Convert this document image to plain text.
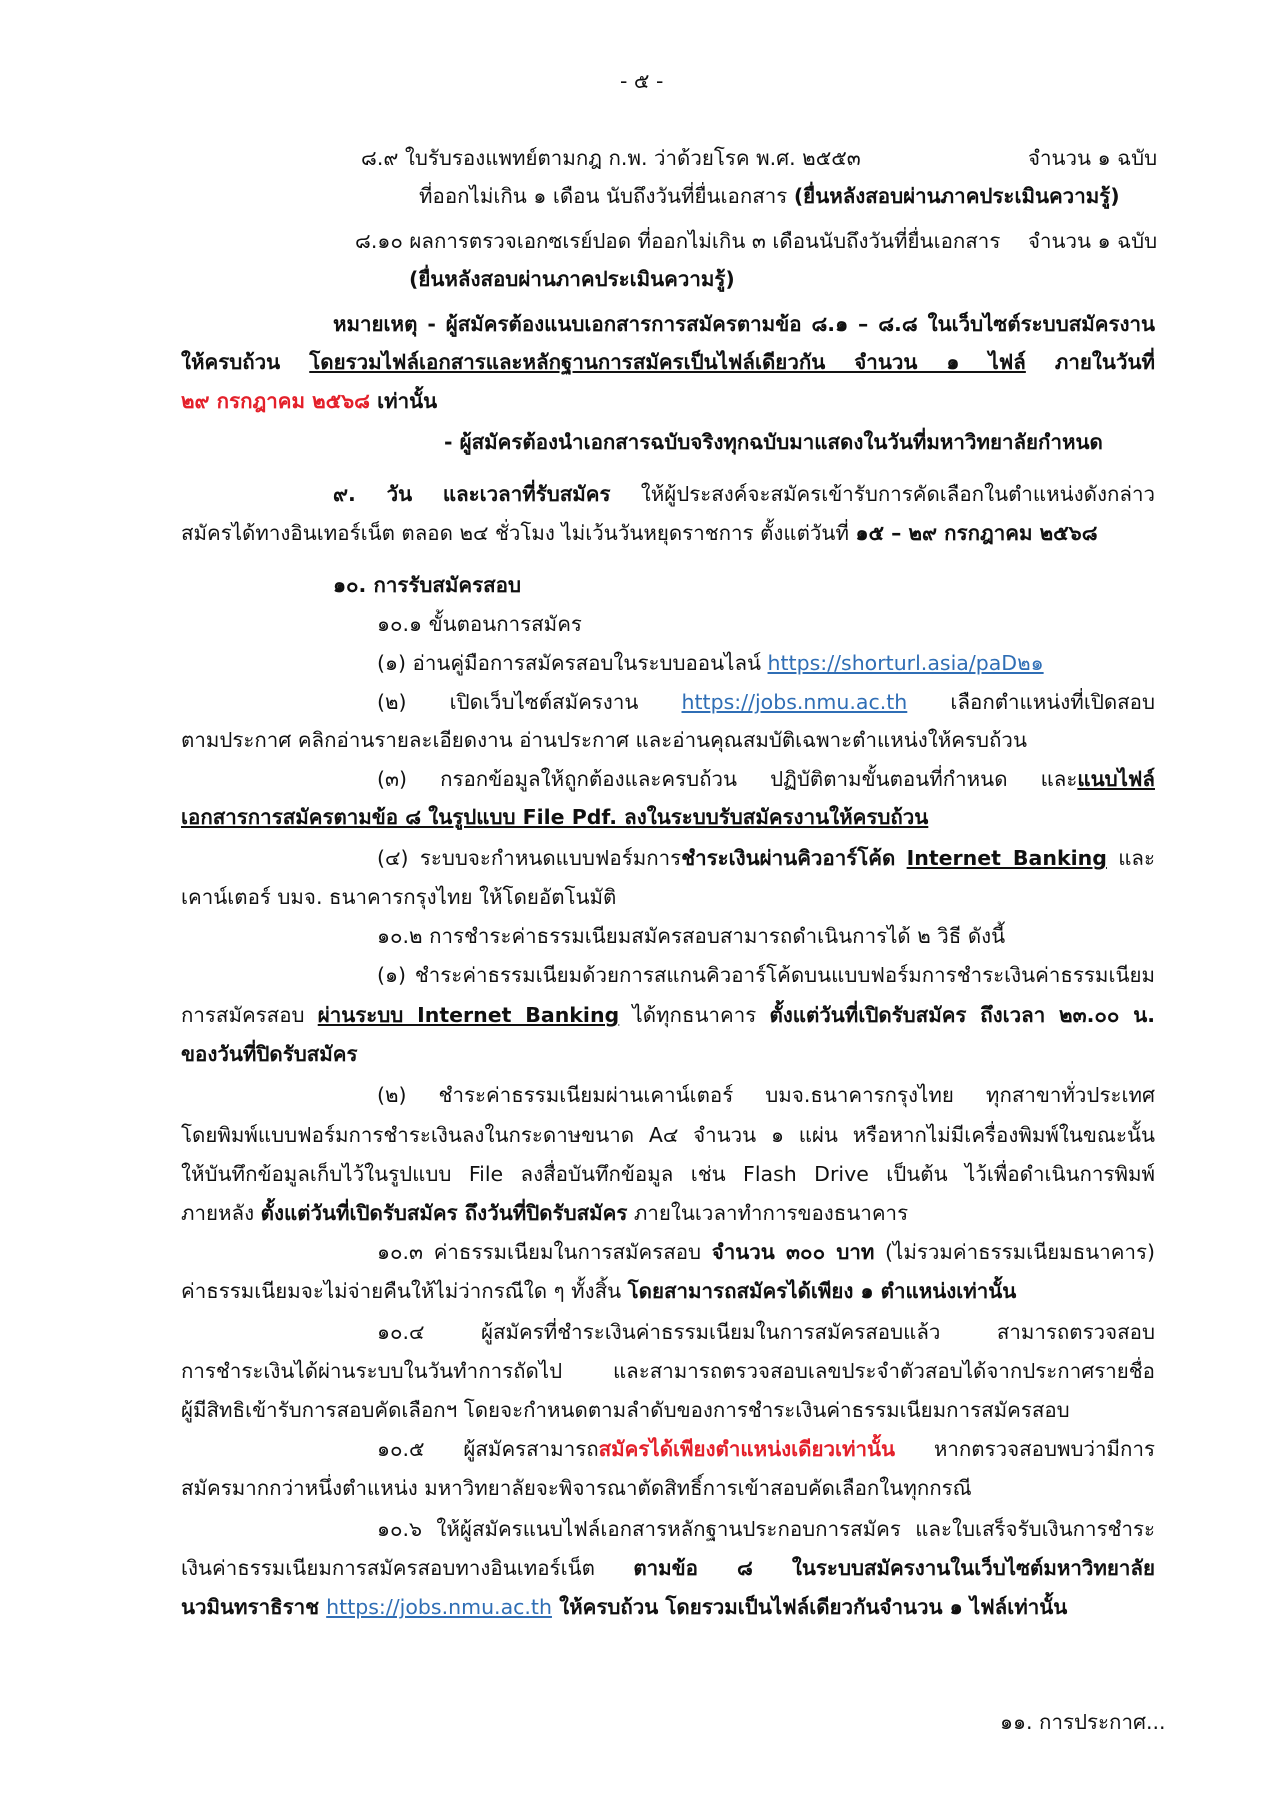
- ๕ -
๘.๙ ใบรับรองแพทย์ตามกฎ ก.พ. ว่าด้วยโรค พ.ศ. ๒๕๕๓	จำนวน ๑ ฉบับ
ที่ออกไม่เกิน ๑ เดือน นับถึงวันที่ยื่นเอกสาร (ยื่นหลังสอบผ่านภาคประเมินความรู้)
๘.๑๐ ผลการตรวจเอกซเรย์ปอด ที่ออกไม่เกิน ๓ เดือนนับถึงวันที่ยื่นเอกสาร จำนวน ๑ ฉบับ
(ยื่นหลังสอบผ่านภาคประเมินความรู้)
หมายเหตุ - ผู้สมัครต้องแนบเอกสารการสมัครตามข้อ ๘.๑ – ๘.๘ ในเว็บไซต์ระบบสมัครงาน
ให้ครบถ้วน โดยรวมไฟล์เอกสารและหลักฐานการสมัครเป็นไฟล์เดียวกัน จำนวน ๑ ไฟล์ ภายในวันที่
๒๙ กรกฎาคม ๒๕๖๘ เท่านั้น
- ผู้สมัครต้องนำเอกสารฉบับจริงทุกฉบับมาแสดงในวันที่มหาวิทยาลัยกำหนด
๙. วัน และเวลาที่รับสมัคร ให้ผู้ประสงค์จะสมัครเข้ารับการคัดเลือกในตำแหน่งดังกล่าว
สมัครได้ทางอินเทอร์เน็ต ตลอด ๒๔ ชั่วโมง ไม่เว้นวันหยุดราชการ ตั้งแต่วันที่ ๑๕ – ๒๙ กรกฎาคม ๒๕๖๘
๑๐. การรับสมัครสอบ
๑๐.๑ ขั้นตอนการสมัคร
(๑) อ่านคู่มือการสมัครสอบในระบบออนไลน์ https://shorturl.asia/paD๒๑
(๒) เปิดเว็บไซต์สมัครงาน https://jobs.nmu.ac.th เลือกตำแหน่งที่เปิดสอบ
ตามประกาศ คลิกอ่านรายละเอียดงาน อ่านประกาศ และอ่านคุณสมบัติเฉพาะตำแหน่งให้ครบถ้วน
(๓) กรอกข้อมูลให้ถูกต้องและครบถ้วน ปฏิบัติตามขั้นตอนที่กำหนด และแนบไฟล์
เอกสารการสมัครตามข้อ ๘ ในรูปแบบ File Pdf. ลงในระบบรับสมัครงานให้ครบถ้วน
(๔) ระบบจะกำหนดแบบฟอร์มการชำระเงินผ่านคิวอาร์โค้ด Internet Banking และ
เคาน์เตอร์ บมจ. ธนาคารกรุงไทย ให้โดยอัตโนมัติ
๑๐.๒ การชำระค่าธรรมเนียมสมัครสอบสามารถดำเนินการได้ ๒ วิธี ดังนี้
(๑) ชำระค่าธรรมเนียมด้วยการสแกนคิวอาร์โค้ดบนแบบฟอร์มการชำระเงินค่าธรรมเนียม
การสมัครสอบ ผ่านระบบ Internet Banking ได้ทุกธนาคาร ตั้งแต่วันที่เปิดรับสมัคร ถึงเวลา ๒๓.๐๐ น.
ของวันที่ปิดรับสมัคร
(๒) ชำระค่าธรรมเนียมผ่านเคาน์เตอร์ บมจ.ธนาคารกรุงไทย ทุกสาขาทั่วประเทศ
โดยพิมพ์แบบฟอร์มการชำระเงินลงในกระดาษขนาด A๔ จำนวน ๑ แผ่น หรือหากไม่มีเครื่องพิมพ์ในขณะนั้น
ให้บันทึกข้อมูลเก็บไว้ในรูปแบบ File ลงสื่อบันทึกข้อมูล เช่น Flash Drive เป็นต้น ไว้เพื่อดำเนินการพิมพ์
ภายหลัง ตั้งแต่วันที่เปิดรับสมัคร ถึงวันที่ปิดรับสมัคร ภายในเวลาทำการของธนาคาร
๑๐.๓ ค่าธรรมเนียมในการสมัครสอบ จำนวน ๓๐๐ บาท (ไม่รวมค่าธรรมเนียมธนาคาร)
ค่าธรรมเนียมจะไม่จ่ายคืนให้ไม่ว่ากรณีใด ๆ ทั้งสิ้น โดยสามารถสมัครได้เพียง ๑ ตำแหน่งเท่านั้น
๑๐.๔ ผู้สมัครที่ชำระเงินค่าธรรมเนียมในการสมัครสอบแล้ว สามารถตรวจสอบ
การชำระเงินได้ผ่านระบบในวันทำการถัดไป และสามารถตรวจสอบเลขประจำตัวสอบได้จากประกาศรายชื่อ
ผู้มีสิทธิเข้ารับการสอบคัดเลือกฯ โดยจะกำหนดตามลำดับของการชำระเงินค่าธรรมเนียมการสมัครสอบ
๑๐.๕ ผู้สมัครสามารถสมัครได้เพียงตำแหน่งเดียวเท่านั้น หากตรวจสอบพบว่ามีการ
สมัครมากกว่าหนึ่งตำแหน่ง มหาวิทยาลัยจะพิจารณาตัดสิทธิ์การเข้าสอบคัดเลือกในทุกกรณี
๑๐.๖ ให้ผู้สมัครแนบไฟล์เอกสารหลักฐานประกอบการสมัคร และใบเสร็จรับเงินการชำระ
เงินค่าธรรมเนียมการสมัครสอบทางอินเทอร์เน็ต ตามข้อ ๘ ในระบบสมัครงานในเว็บไซต์มหาวิทยาลัย
นวมินทราธิราช https://jobs.nmu.ac.th ให้ครบถ้วน โดยรวมเป็นไฟล์เดียวกันจำนวน ๑ ไฟล์เท่านั้น
๑๑. การประกาศ...
